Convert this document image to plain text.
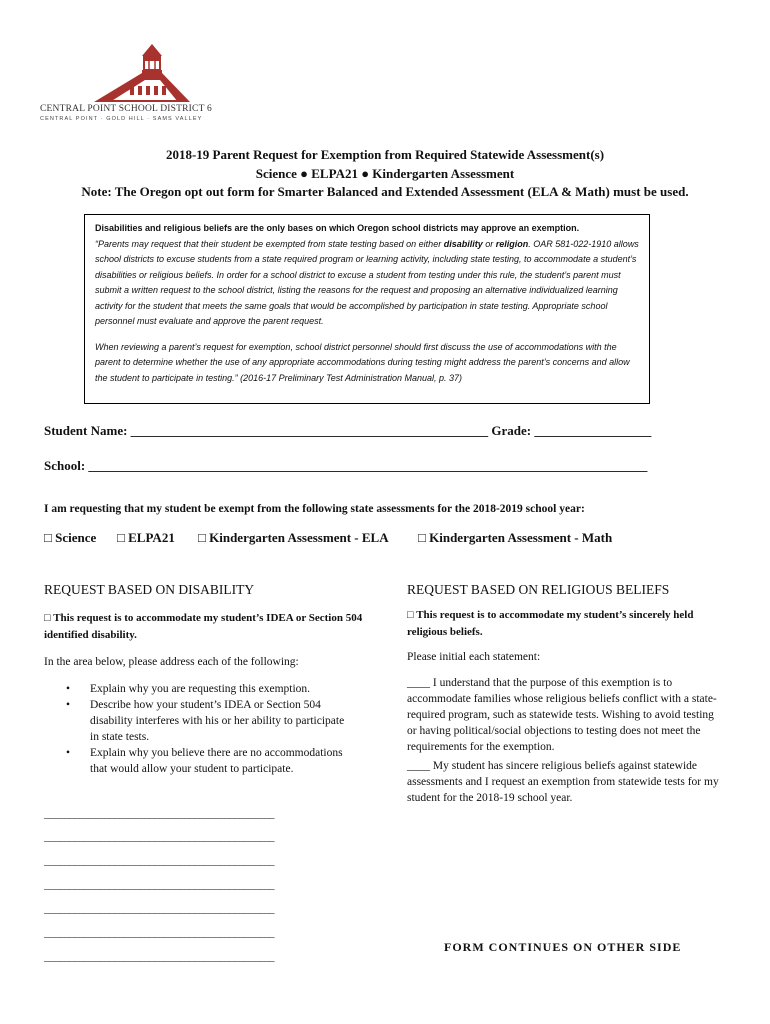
CENTRAL POINT SCHOOL DISTRICT 6
CENTRAL POINT · GOLD HILL · SAMS VALLEY
2018-19 Parent Request for Exemption from Required Statewide Assessment(s)
Science ● ELPA21 ● Kindergarten Assessment
Note: The Oregon opt out form for Smarter Balanced and Extended Assessment (ELA & Math) must be used.
Disabilities and religious beliefs are the only bases on which Oregon school districts may approve an exemption.

“Parents may request that their student be exempted from state testing based on either disability or religion. OAR 581-022-1910 allows school districts to excuse students from a state required program or learning activity, including state testing, to accommodate a student’s disabilities or religious beliefs. In order for a school district to excuse a student from testing under this rule, the student’s parent must submit a written request to the school district, listing the reasons for the request and proposing an alternative individualized learning activity for the student that meets the same goals that would be accomplished by participation in state testing. Appropriate school personnel must evaluate and approve the parent request.

When reviewing a parent’s request for exemption, school district personnel should first discuss the use of accommodations with the parent to determine whether the use of any appropriate accommodations during testing might address the parent’s concerns and allow the student to participate in testing.” (2016-17 Preliminary Test Administration Manual, p. 37)

Student Name: _______________________________________________________ Grade: __________________
School: ______________________________________________________________________________________
I am requesting that my student be exempt from the following state assessments for the 2018-2019 school year:
□ Science □ ELPA21 □ Kindergarten Assessment - ELA □ Kindergarten Assessment - Math
REQUEST BASED ON DISABILITY
□ This request is to accommodate my student’s IDEA or Section 504 identified disability.
In the area below, please address each of the following:
• Explain why you are requesting this exemption.
• Describe how your student’s IDEA or Section 504 disability interferes with his or her ability to participate in state tests.
• Explain why you believe there are no accommodations that would allow your student to participate.
______________________________________________
______________________________________________
______________________________________________
______________________________________________
______________________________________________
______________________________________________
______________________________________________
REQUEST BASED ON RELIGIOUS BELIEFS
□ This request is to accommodate my student’s sincerely held religious beliefs.
Please initial each statement:
____ I understand that the purpose of this exemption is to accommodate families whose religious beliefs conflict with a state-required program, such as statewide tests. Wishing to avoid testing or having political/social objections to testing does not meet the requirements for the exemption.
____ My student has sincere religious beliefs against statewide assessments and I request an exemption from statewide tests for my student for the 2018-19 school year.
FORM CONTINUES ON OTHER SIDE
